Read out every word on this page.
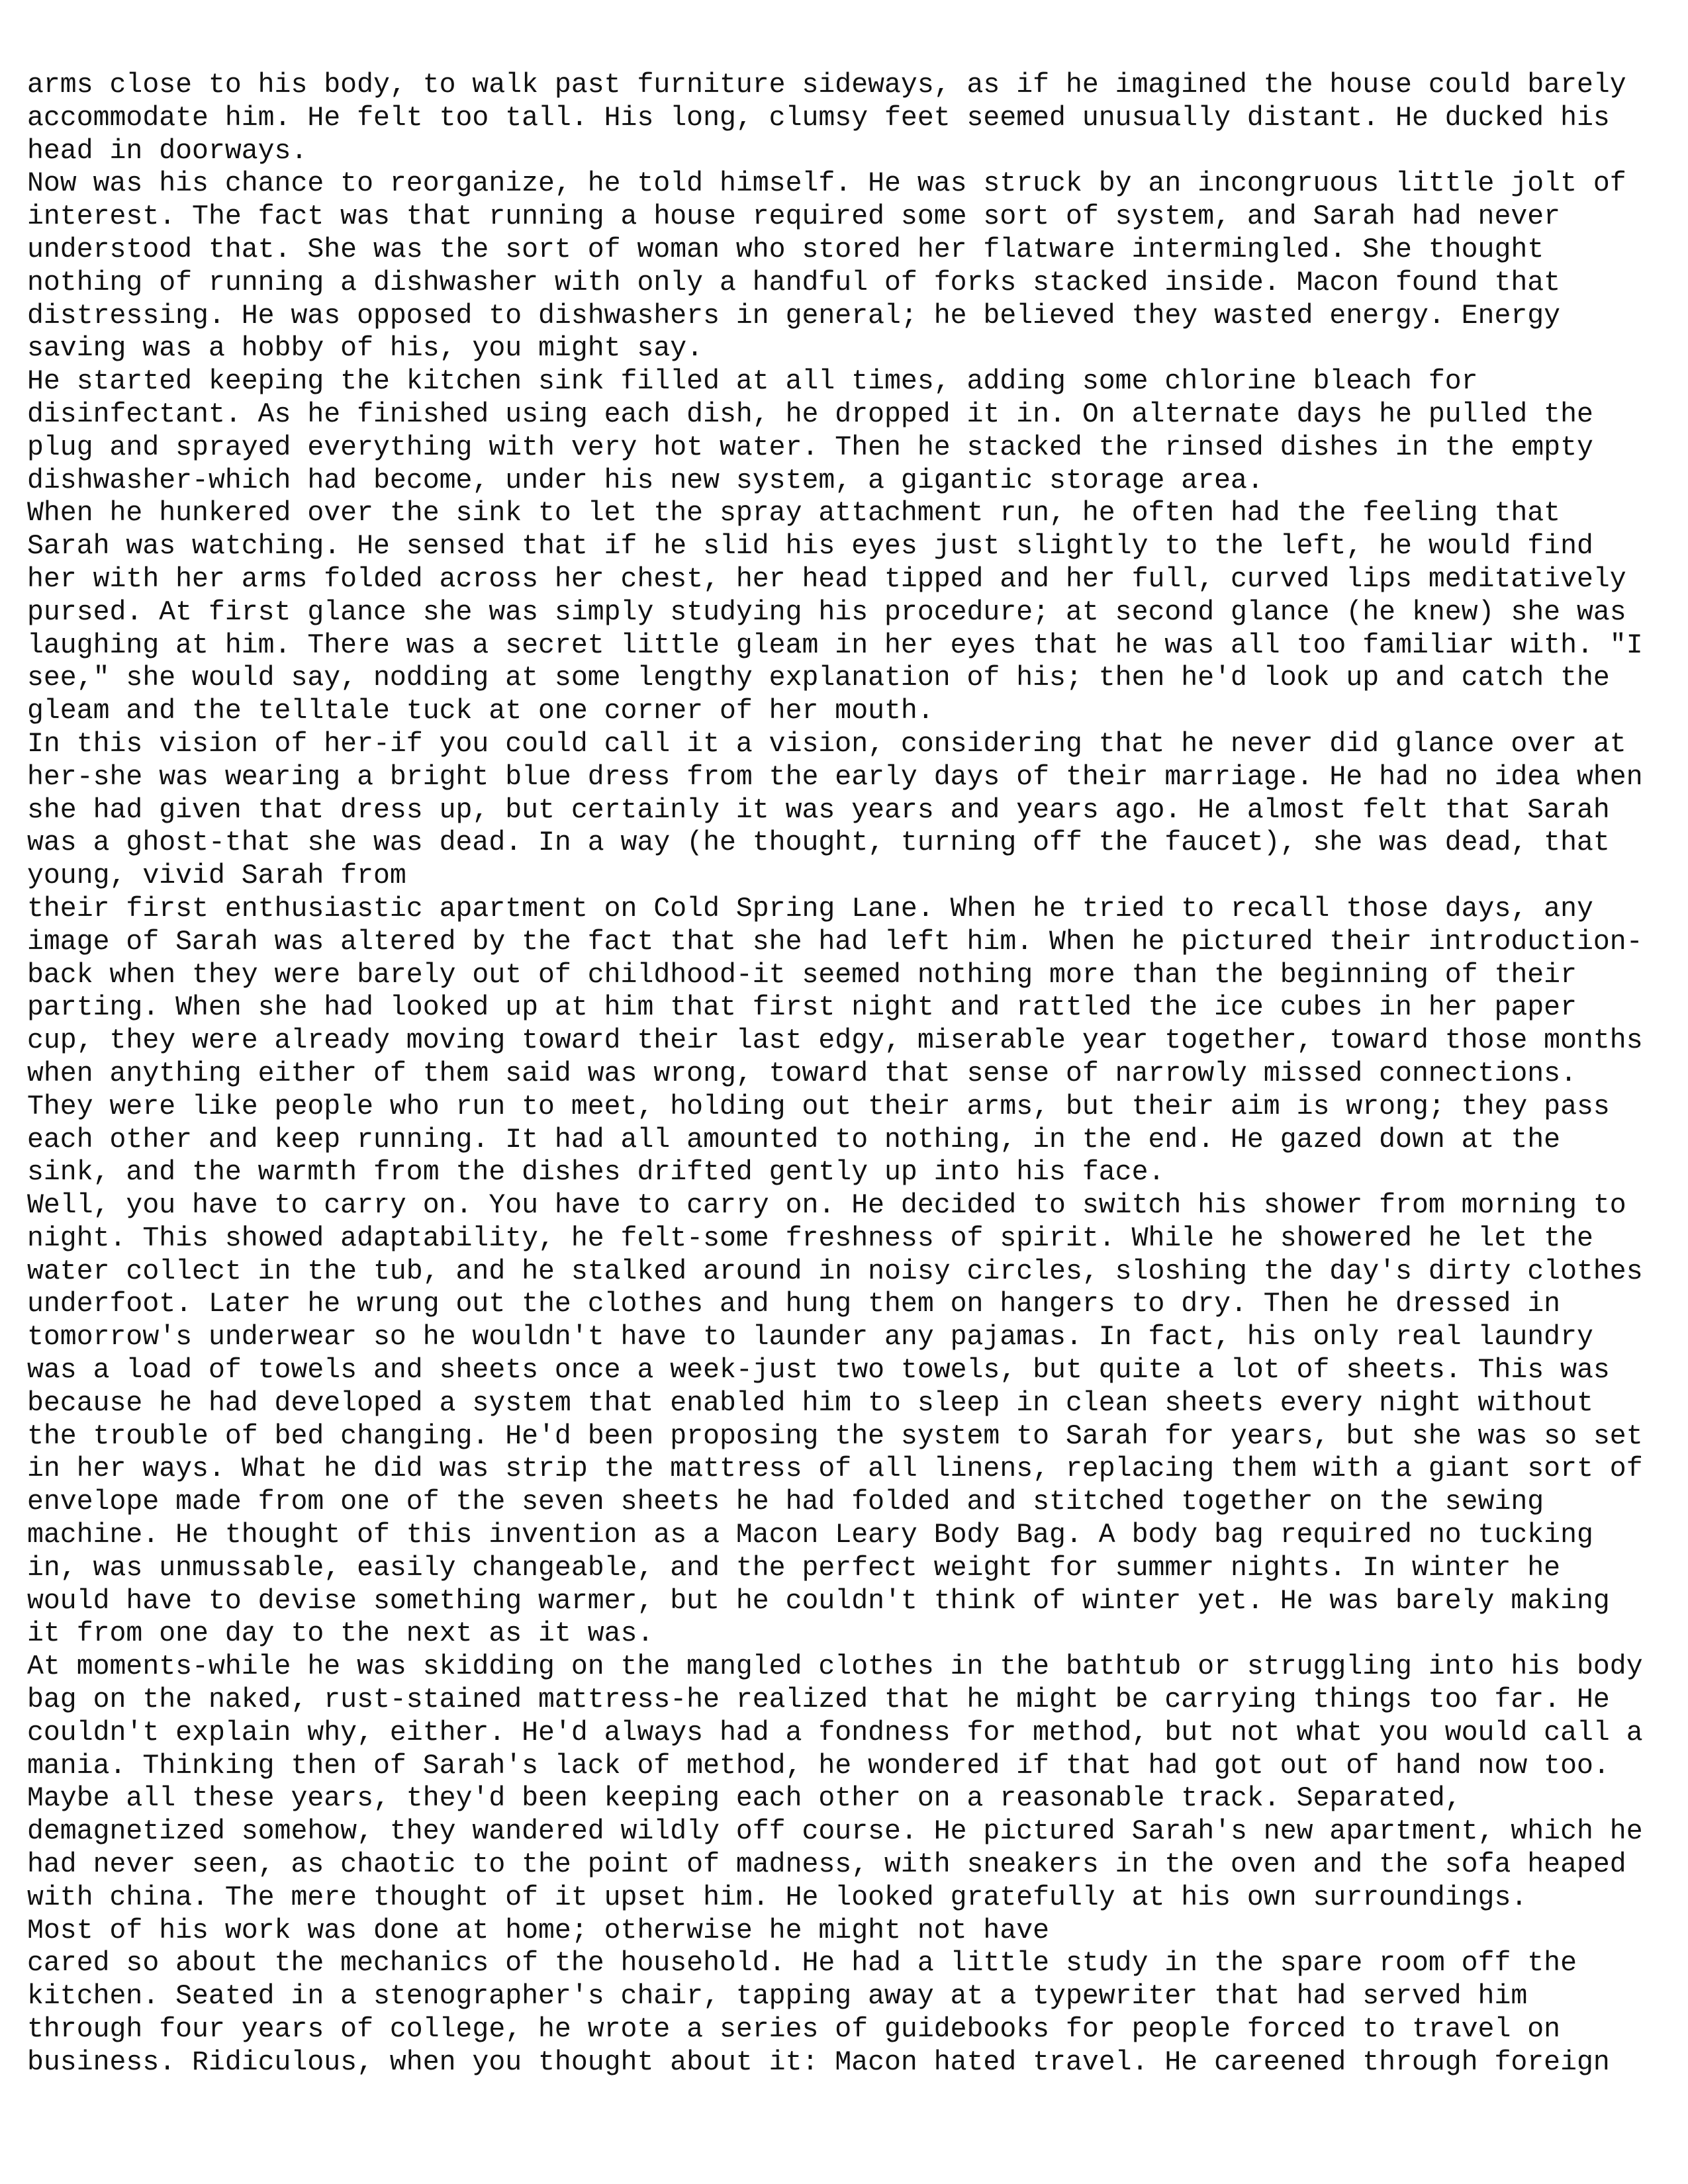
arms close to his body, to walk past furniture sideways, as if he imagined the house could barely
accommodate him. He felt too tall. His long, clumsy feet seemed unusually distant. He ducked his
head in doorways.
Now was his chance to reorganize, he told himself. He was struck by an incongruous little jolt of
interest. The fact was that running a house required some sort of system, and Sarah had never
understood that. She was the sort of woman who stored her flatware intermingled. She thought
nothing of running a dishwasher with only a handful of forks stacked inside. Macon found that
distressing. He was opposed to dishwashers in general; he believed they wasted energy. Energy
saving was a hobby of his, you might say.
He started keeping the kitchen sink filled at all times, adding some chlorine bleach for
disinfectant. As he finished using each dish, he dropped it in. On alternate days he pulled the
plug and sprayed everything with very hot water. Then he stacked the rinsed dishes in the empty
dishwasher-which had become, under his new system, a gigantic storage area.
When he hunkered over the sink to let the spray attachment run, he often had the feeling that
Sarah was watching. He sensed that if he slid his eyes just slightly to the left, he would find
her with her arms folded across her chest, her head tipped and her full, curved lips meditatively
pursed. At first glance she was simply studying his procedure; at second glance (he knew) she was
laughing at him. There was a secret little gleam in her eyes that he was all too familiar with. "I
see," she would say, nodding at some lengthy explanation of his; then he'd look up and catch the
gleam and the telltale tuck at one corner of her mouth.
In this vision of her-if you could call it a vision, considering that he never did glance over at
her-she was wearing a bright blue dress from the early days of their marriage. He had no idea when
she had given that dress up, but certainly it was years and years ago. He almost felt that Sarah
was a ghost-that she was dead. In a way (he thought, turning off the faucet), she was dead, that
young, vivid Sarah from
their first enthusiastic apartment on Cold Spring Lane. When he tried to recall those days, any
image of Sarah was altered by the fact that she had left him. When he pictured their introduction-
back when they were barely out of childhood-it seemed nothing more than the beginning of their
parting. When she had looked up at him that first night and rattled the ice cubes in her paper
cup, they were already moving toward their last edgy, miserable year together, toward those months
when anything either of them said was wrong, toward that sense of narrowly missed connections.
They were like people who run to meet, holding out their arms, but their aim is wrong; they pass
each other and keep running. It had all amounted to nothing, in the end. He gazed down at the
sink, and the warmth from the dishes drifted gently up into his face.
Well, you have to carry on. You have to carry on. He decided to switch his shower from morning to
night. This showed adaptability, he felt-some freshness of spirit. While he showered he let the
water collect in the tub, and he stalked around in noisy circles, sloshing the day's dirty clothes
underfoot. Later he wrung out the clothes and hung them on hangers to dry. Then he dressed in
tomorrow's underwear so he wouldn't have to launder any pajamas. In fact, his only real laundry
was a load of towels and sheets once a week-just two towels, but quite a lot of sheets. This was
because he had developed a system that enabled him to sleep in clean sheets every night without
the trouble of bed changing. He'd been proposing the system to Sarah for years, but she was so set
in her ways. What he did was strip the mattress of all linens, replacing them with a giant sort of
envelope made from one of the seven sheets he had folded and stitched together on the sewing
machine. He thought of this invention as a Macon Leary Body Bag. A body bag required no tucking
in, was unmussable, easily changeable, and the perfect weight for summer nights. In winter he
would have to devise something warmer, but he couldn't think of winter yet. He was barely making
it from one day to the next as it was.
At moments-while he was skidding on the mangled clothes in the bathtub or struggling into his body
bag on the naked, rust-stained mattress-he realized that he might be carrying things too far. He
couldn't explain why, either. He'd always had a fondness for method, but not what you would call a
mania. Thinking then of Sarah's lack of method, he wondered if that had got out of hand now too.
Maybe all these years, they'd been keeping each other on a reasonable track. Separated,
demagnetized somehow, they wandered wildly off course. He pictured Sarah's new apartment, which he
had never seen, as chaotic to the point of madness, with sneakers in the oven and the sofa heaped
with china. The mere thought of it upset him. He looked gratefully at his own surroundings.
Most of his work was done at home; otherwise he might not have
cared so about the mechanics of the household. He had a little study in the spare room off the
kitchen. Seated in a stenographer's chair, tapping away at a typewriter that had served him
through four years of college, he wrote a series of guidebooks for people forced to travel on
business. Ridiculous, when you thought about it: Macon hated travel. He careened through foreign
